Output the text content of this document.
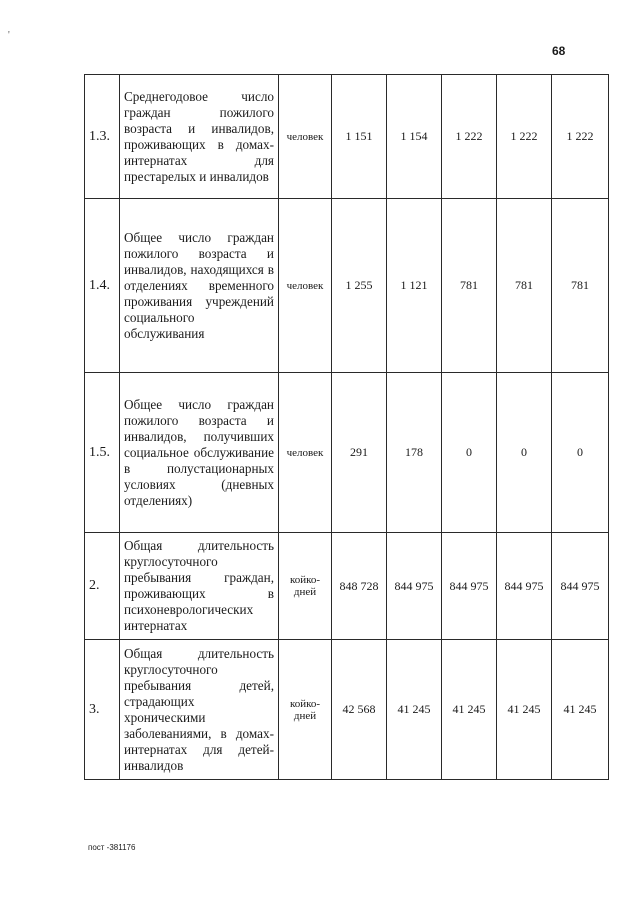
'
68
1.3.	Среднегодовое число граждан пожилого возраста и инвалидов, проживающих в домах-интернатах для престарелых и инвалидов	человек	1 151	1 154	1 222	1 222	1 222
1.4.	Общее число граждан пожилого возраста и инвалидов, находящихся в отделениях временного проживания учреждений социального обслуживания	человек	1 255	1 121	781	781	781
1.5.	Общее число граждан пожилого возраста и инвалидов, получивших социальное обслуживание в полустационарных условиях (дневных отделениях)	человек	291	178	0	0	0
2.	Общая длительность круглосуточного пребывания граждан, проживающих в психоневрологических интернатах	койко-дней	848 728	844 975	844 975	844 975	844 975
3.	Общая длительность круглосуточного пребывания детей, страдающих хроническими заболеваниями, в домах-интернатах для детей-инвалидов	койко-дней	42 568	41 245	41 245	41 245	41 245
пост -381176
